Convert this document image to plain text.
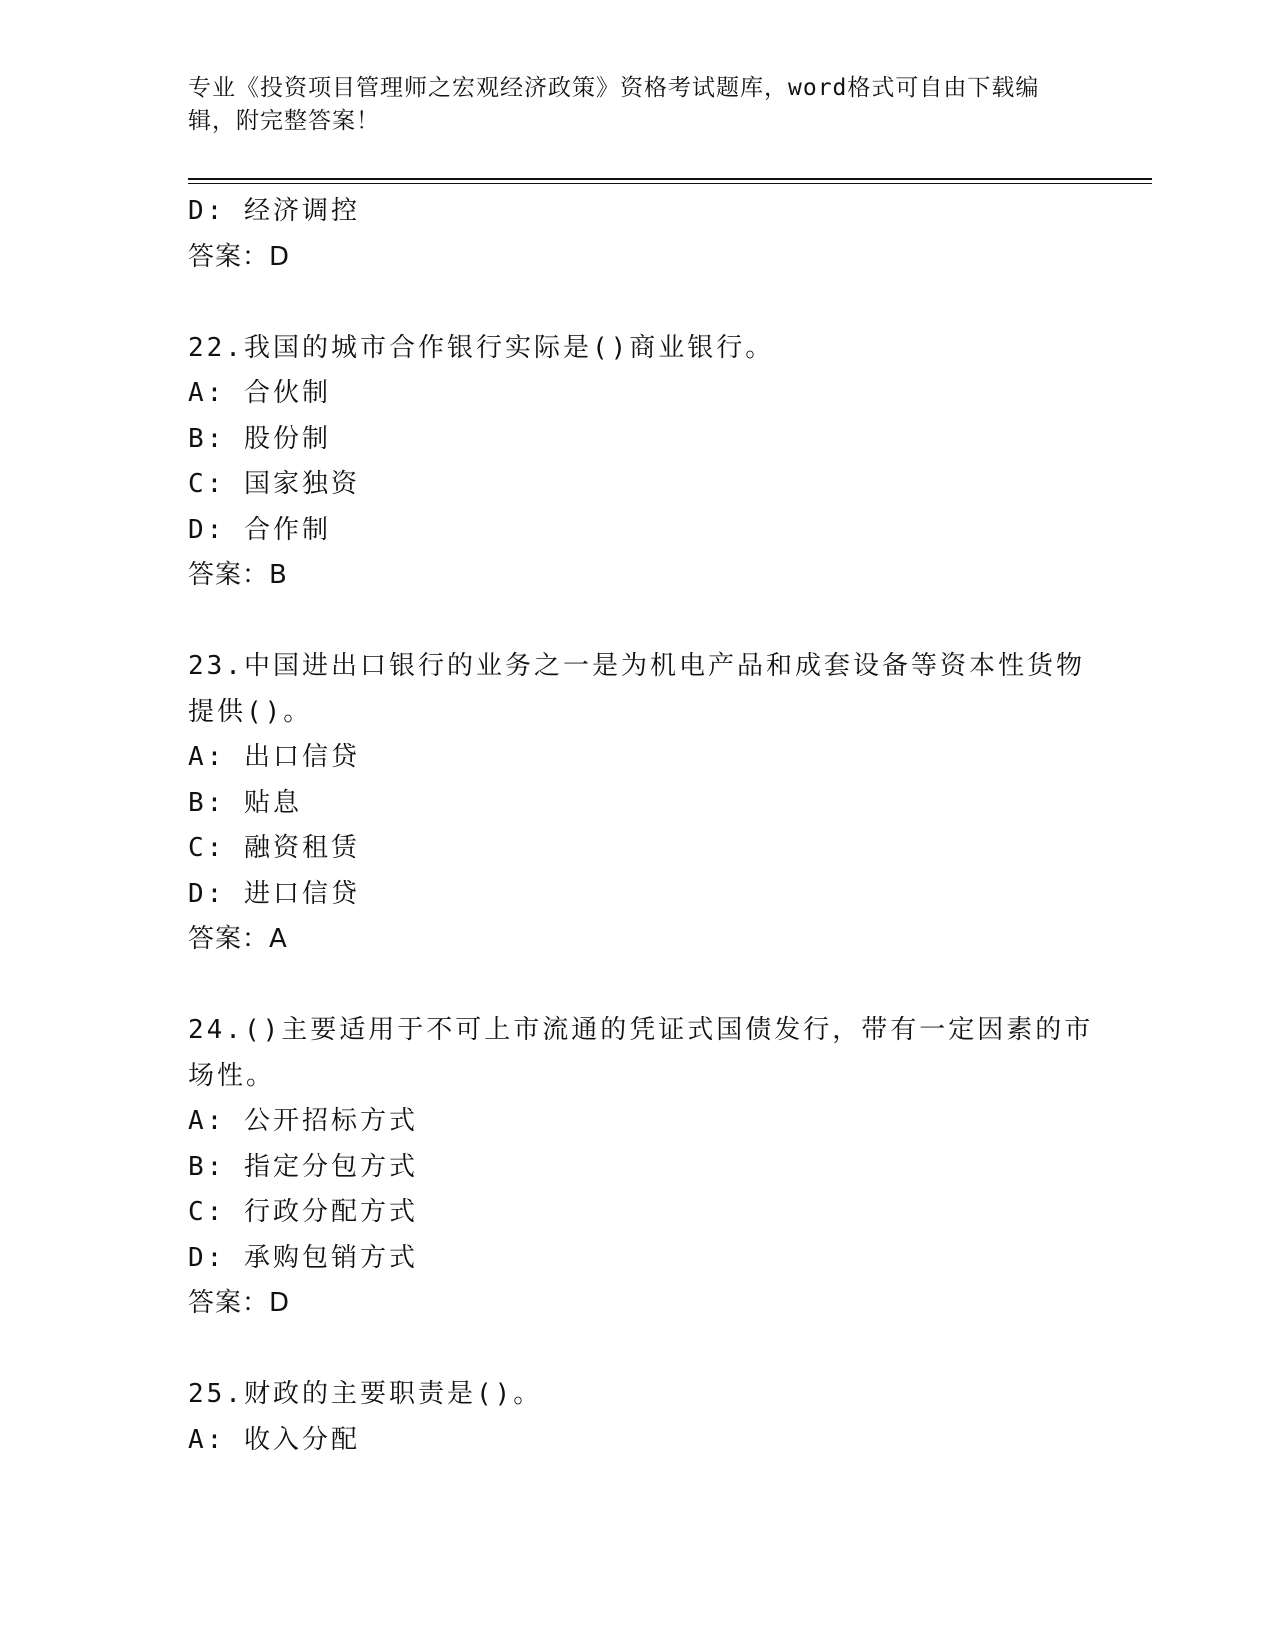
专业《投资项目管理师之宏观经济政策》资格考试题库，word格式可自由下载编辑，附完整答案！
D: 经济调控
答案：D
22.我国的城市合作银行实际是()商业银行。
A: 合伙制
B: 股份制
C: 国家独资
D: 合作制
答案：B
23.中国进出口银行的业务之一是为机电产品和成套设备等资本性货物
提供()。
A: 出口信贷
B: 贴息
C: 融资租赁
D: 进口信贷
答案：A
24.()主要适用于不可上市流通的凭证式国债发行，带有一定因素的市
场性。
A: 公开招标方式
B: 指定分包方式
C: 行政分配方式
D: 承购包销方式
答案：D
25.财政的主要职责是()。
A: 收入分配
